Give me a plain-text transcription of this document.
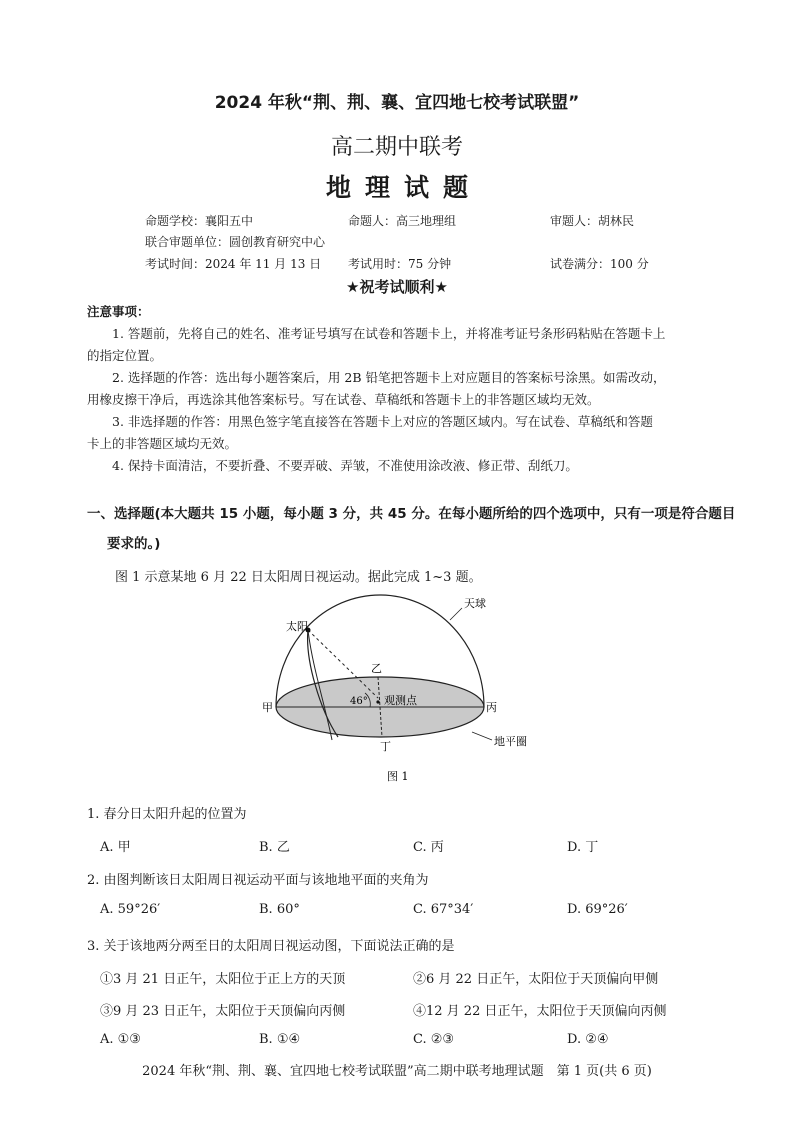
2024 年秋“荆、荆、襄、宜四地七校考试联盟”
高二期中联考
地理试题
命题学校：襄阳五中	命题人：高三地理组	审题人：胡林民
联合审题单位：圆创教育研究中心
考试时间：2024 年 11 月 13 日 考试用时：75 分钟	试卷满分：100 分
★祝考试顺利★
注意事项：
1. 答题前，先将自己的姓名、准考证号填写在试卷和答题卡上，并将准考证号条形码粘贴在答题卡上
的指定位置。
2. 选择题的作答：选出每小题答案后，用 2B 铅笔把答题卡上对应题目的答案标号涂黑。如需改动，
用橡皮擦干净后，再选涂其他答案标号。写在试卷、草稿纸和答题卡上的非答题区域均无效。
3. 非选择题的作答：用黑色签字笔直接答在答题卡上对应的答题区域内。写在试卷、草稿纸和答题
卡上的非答题区域均无效。
4. 保持卡面清洁，不要折叠、不要弄破、弄皱，不准使用涂改液、修正带、刮纸刀。
一、选择题(本大题共 15 小题，每小题 3 分，共 45 分。在每小题所给的四个选项中，只有一项是符合题目
要求的。)
图 1 示意某地 6 月 22 日太阳周日视运动。据此完成 1~3 题。
天球
太阳
乙
甲	丙
丁
46° 观测点
地平圈
图 1
1. 春分日太阳升起的位置为
A. 甲	B. 乙	C. 丙	D. 丁
2. 由图判断该日太阳周日视运动平面与该地地平面的夹角为
A. 59°26′	B. 60°	C. 67°34′	D. 69°26′
3. 关于该地两分两至日的太阳周日视运动图，下面说法正确的是
①3 月 21 日正午，太阳位于正上方的天顶	②6 月 22 日正午，太阳位于天顶偏向甲侧
③9 月 23 日正午，太阳位于天顶偏向丙侧	④12 月 22 日正午，太阳位于天顶偏向丙侧
A. ①③	B. ①④	C. ②③	D. ②④
2024 年秋“荆、荆、襄、宜四地七校考试联盟”高二期中联考地理试题　第 1 页(共 6 页)
